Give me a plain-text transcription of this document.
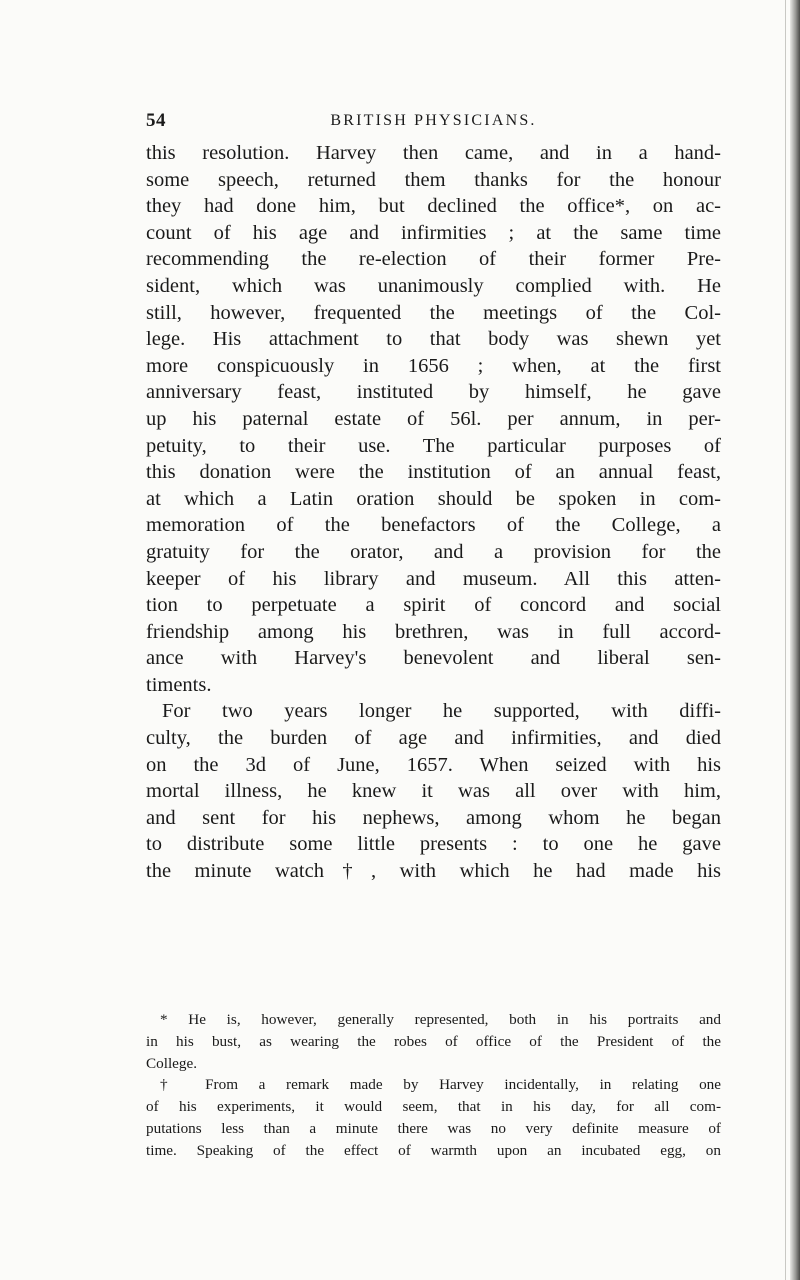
54	BRITISH PHYSICIANS.
this resolution. Harvey then came, and in a hand-
some speech, returned them thanks for the honour
they had done him, but declined the office*, on ac-
count of his age and infirmities ; at the same time
recommending the re-election of their former Pre-
sident, which was unanimously complied with. He
still, however, frequented the meetings of the Col-
lege. His attachment to that body was shewn yet
more conspicuously in 1656 ; when, at the first
anniversary feast, instituted by himself, he gave
up his paternal estate of 56l. per annum, in per-
petuity, to their use. The particular purposes of
this donation were the institution of an annual feast,
at which a Latin oration should be spoken in com-
memoration of the benefactors of the College, a
gratuity for the orator, and a provision for the
keeper of his library and museum. All this atten-
tion to perpetuate a spirit of concord and social
friendship among his brethren, was in full accord-
ance with Harvey's benevolent and liberal sen-
timents.
For two years longer he supported, with diffi-
culty, the burden of age and infirmities, and died
on the 3d of June, 1657. When seized with his
mortal illness, he knew it was all over with him,
and sent for his nephews, among whom he began
to distribute some little presents : to one he gave
the minute watch†, with which he had made his
* He is, however, generally represented, both in his portraits and
in his bust, as wearing the robes of office of the President of the
College.
† From a remark made by Harvey incidentally, in relating one
of his experiments, it would seem, that in his day, for all com-
putations less than a minute there was no very definite measure of
time. Speaking of the effect of warmth upon an incubated egg, on
